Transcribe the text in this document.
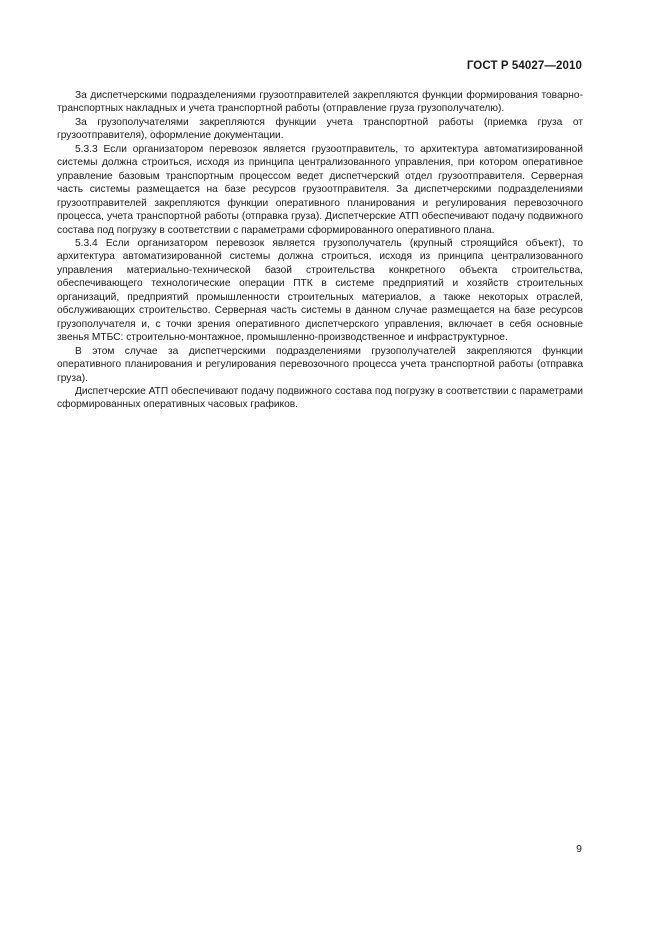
ГОСТ Р 54027—2010

За диспетчерскими подразделениями грузоотправителей закрепляются функции формирования товарно-транспортных накладных и учета транспортной работы (отправление груза грузополучателю).

За грузополучателями закрепляются функции учета транспортной работы (приемка груза от грузоотправителя), оформление документации.

5.3.3 Если организатором перевозок является грузоотправитель, то архитектура автоматизированной системы должна строиться, исходя из принципа централизованного управления, при котором оперативное управление базовым транспортным процессом ведет диспетчерский отдел грузоотправителя. Серверная часть системы размещается на базе ресурсов грузоотправителя. За диспетчерскими подразделениями грузоотправителей закрепляются функции оперативного планирования и регулирования перевозочного процесса, учета транспортной работы (отправка груза). Диспетчерские АТП обеспечивают подачу подвижного состава под погрузку в соответствии с параметрами сформированного оперативного плана.

5.3.4 Если организатором перевозок является грузополучатель (крупный строящийся объект), то архитектура автоматизированной системы должна строиться, исходя из принципа централизованного управления материально-технической базой строительства конкретного объекта строительства, обеспечивающего технологические операции ПТК в системе предприятий и хозяйств строительных организаций, предприятий промышленности строительных материалов, а также некоторых отраслей, обслуживающих строительство. Серверная часть системы в данном случае размещается на базе ресурсов грузополучателя и, с точки зрения оперативного диспетчерского управления, включает в себя основные звенья МТБС: строительно-монтажное, промышленно-производственное и инфраструктурное.

В этом случае за диспетчерскими подразделениями грузополучателей закрепляются функции оперативного планирования и регулирования перевозочного процесса учета транспортной работы (отправка груза).

Диспетчерские АТП обеспечивают подачу подвижного состава под погрузку в соответствии с параметрами сформированных оперативных часовых графиков.

9
